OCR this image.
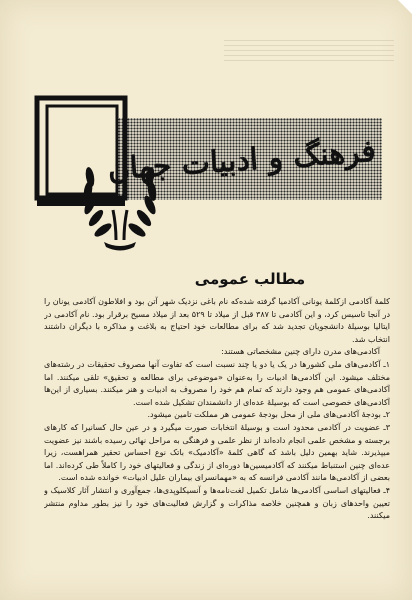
فرهنگ و ادبیات جهان
مطالب عمومی

کلمهٔ آکادمی ازکلمهٔ یونانی آکادمیا گرفته شده‌که نام باغی نزدیک شهر آتن بود و افلاطون آکادمی یونان را در آنجا تاسیس کرد، و این آکادمی تا ۳۸۷ قبل از میلاد تا ۵۲۹ بعد از میلاد مسیح برقرار بود. نام آکادمی در ایتالیا بوسیلهٔ دانشجویان تجدید شد که برای مطالعات خود احتیاج به بلاغت و مذاکره با دیگران داشتند انتخاب شد.

آکادمی‌های مدرن دارای چنین مشخصاتی هستند:

۱ـ آکادمی‌های ملی کشورها در یک یا دو یا چند نسبت است که تفاوت آنها مصروف تحقیقات در رشته‌های مختلف میشود. این آکادمی‌ها ادبیات را به‌عنوان «موضوعی برای مطالعه و تحقیق» تلقی میکنند. اما آکادمی‌های عمومی هم وجود دارند که تمام هم خود را مصروف به ادبیات و هنر میکنند. بسیاری از این‌ها آکادمی‌های خصوصی است که بوسیلهٔ عده‌ای از دانشمندان تشکیل شده است.

۲ـ بودجهٔ آکادمی‌های ملی از محل بودجهٔ عمومی هر مملکت تامین میشود.

۳ـ عضویت در آکادمی محدود است و بوسیلهٔ انتخابات صورت میگیرد و در عین حال کسانیرا که کارهای برجسته و مشخص علمی انجام داده‌اند از نظر علمی و فرهنگی به مراحل نهائی رسیده باشند نیز عضویت میپذیرند. شاید بهمین دلیل باشد که گاهی کلمهٔ «آکادمیک» باتک نوع احساس تحقیر همراهست، زیرا عده‌ای چنین استنباط میکنند که آکادمیسین‌ها دوره‌ای از زندگی و فعالیتهای خود را کاملاً طی کرده‌اند. اما بعضی از آکادمی‌ها مانند آکادمی فرانسه که به «مهمانسرای بیماران علیل ادبیات» خوانده شده است.

۴ـ فعالیتهای اساسی آکادمی‌ها شامل تکمیل لغت‌نامه‌ها و آنسیکلوپدی‌ها، جمع‌آوری و انتشار آثار کلاسیک و تعیین واحد‌های زبان و همچنین خلاصه مذاکرات و گزارش فعالیت‌های خود را نیز بطور مداوم منتشر میکنند.
